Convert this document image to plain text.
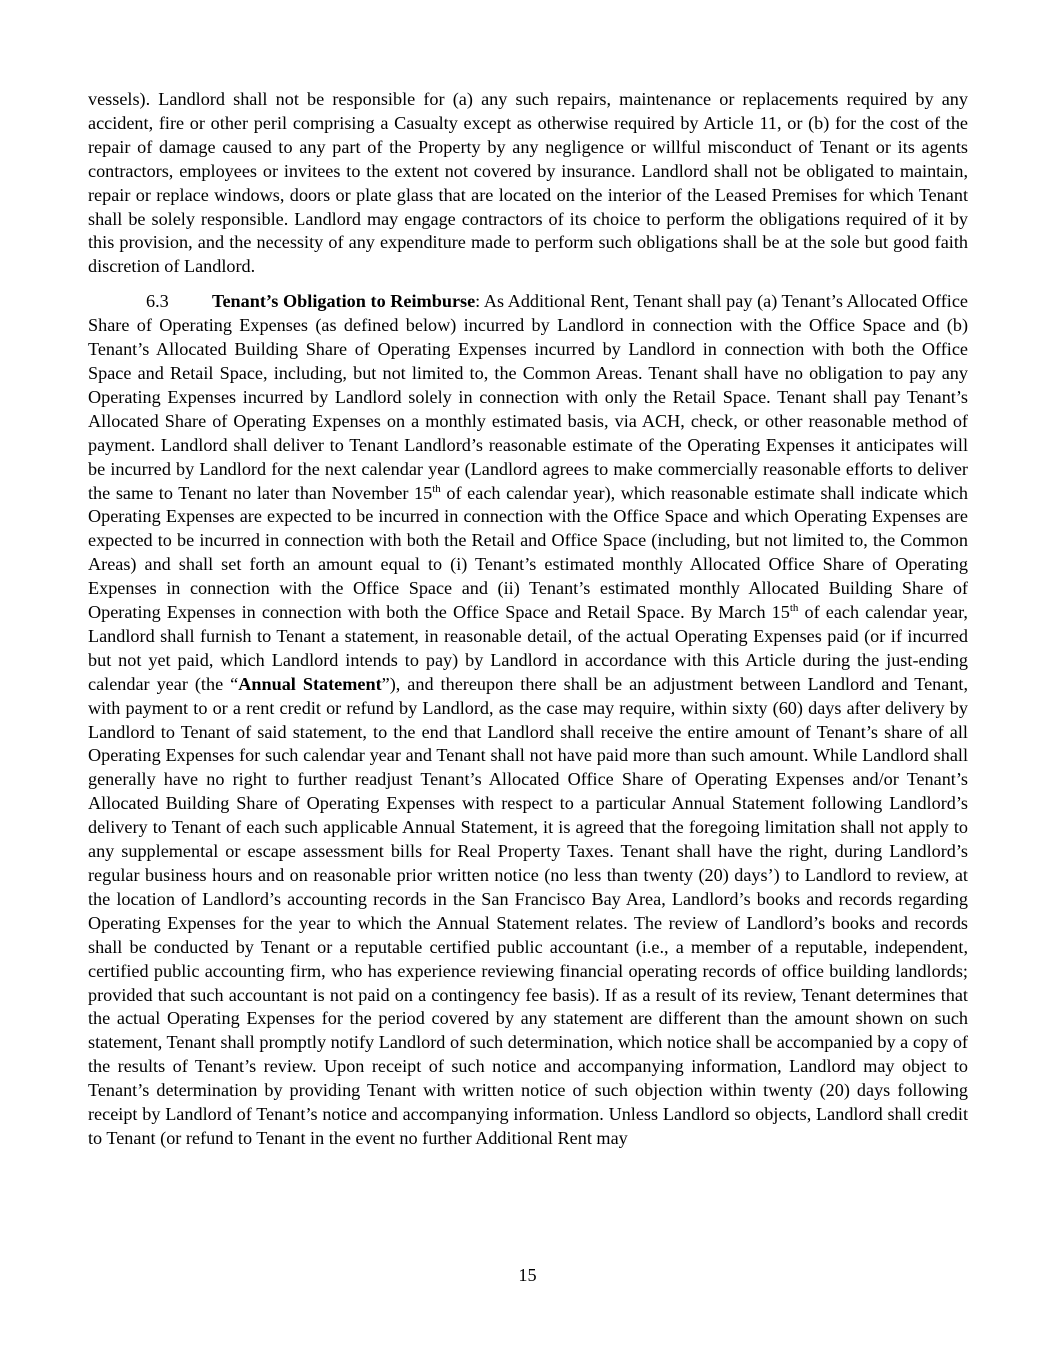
vessels). Landlord shall not be responsible for (a) any such repairs, maintenance or replacements required by any accident, fire or other peril comprising a Casualty except as otherwise required by Article 11, or (b) for the cost of the repair of damage caused to any part of the Property by any negligence or willful misconduct of Tenant or its agents contractors, employees or invitees to the extent not covered by insurance. Landlord shall not be obligated to maintain, repair or replace windows, doors or plate glass that are located on the interior of the Leased Premises for which Tenant shall be solely responsible. Landlord may engage contractors of its choice to perform the obligations required of it by this provision, and the necessity of any expenditure made to perform such obligations shall be at the sole but good faith discretion of Landlord.

6.3 Tenant’s Obligation to Reimburse: As Additional Rent, Tenant shall pay (a) Tenant’s Allocated Office Share of Operating Expenses (as defined below) incurred by Landlord in connection with the Office Space and (b) Tenant’s Allocated Building Share of Operating Expenses incurred by Landlord in connection with both the Office Space and Retail Space, including, but not limited to, the Common Areas. Tenant shall have no obligation to pay any Operating Expenses incurred by Landlord solely in connection with only the Retail Space. Tenant shall pay Tenant’s Allocated Share of Operating Expenses on a monthly estimated basis, via ACH, check, or other reasonable method of payment. Landlord shall deliver to Tenant Landlord’s reasonable estimate of the Operating Expenses it anticipates will be incurred by Landlord for the next calendar year (Landlord agrees to make commercially reasonable efforts to deliver the same to Tenant no later than November 15th of each calendar year), which reasonable estimate shall indicate which Operating Expenses are expected to be incurred in connection with the Office Space and which Operating Expenses are expected to be incurred in connection with both the Retail and Office Space (including, but not limited to, the Common Areas) and shall set forth an amount equal to (i) Tenant’s estimated monthly Allocated Office Share of Operating Expenses in connection with the Office Space and (ii) Tenant’s estimated monthly Allocated Building Share of Operating Expenses in connection with both the Office Space and Retail Space. By March 15th of each calendar year, Landlord shall furnish to Tenant a statement, in reasonable detail, of the actual Operating Expenses paid (or if incurred but not yet paid, which Landlord intends to pay) by Landlord in accordance with this Article during the just-ending calendar year (the “Annual Statement”), and thereupon there shall be an adjustment between Landlord and Tenant, with payment to or a rent credit or refund by Landlord, as the case may require, within sixty (60) days after delivery by Landlord to Tenant of said statement, to the end that Landlord shall receive the entire amount of Tenant’s share of all Operating Expenses for such calendar year and Tenant shall not have paid more than such amount. While Landlord shall generally have no right to further readjust Tenant’s Allocated Office Share of Operating Expenses and/or Tenant’s Allocated Building Share of Operating Expenses with respect to a particular Annual Statement following Landlord’s delivery to Tenant of each such applicable Annual Statement, it is agreed that the foregoing limitation shall not apply to any supplemental or escape assessment bills for Real Property Taxes. Tenant shall have the right, during Landlord’s regular business hours and on reasonable prior written notice (no less than twenty (20) days’) to Landlord to review, at the location of Landlord’s accounting records in the San Francisco Bay Area, Landlord’s books and records regarding Operating Expenses for the year to which the Annual Statement relates. The review of Landlord’s books and records shall be conducted by Tenant or a reputable certified public accountant (i.e., a member of a reputable, independent, certified public accounting firm, who has experience reviewing financial operating records of office building landlords; provided that such accountant is not paid on a contingency fee basis). If as a result of its review, Tenant determines that the actual Operating Expenses for the period covered by any statement are different than the amount shown on such statement, Tenant shall promptly notify Landlord of such determination, which notice shall be accompanied by a copy of the results of Tenant’s review. Upon receipt of such notice and accompanying information, Landlord may object to Tenant’s determination by providing Tenant with written notice of such objection within twenty (20) days following receipt by Landlord of Tenant’s notice and accompanying information. Unless Landlord so objects, Landlord shall credit to Tenant (or refund to Tenant in the event no further Additional Rent may

15
